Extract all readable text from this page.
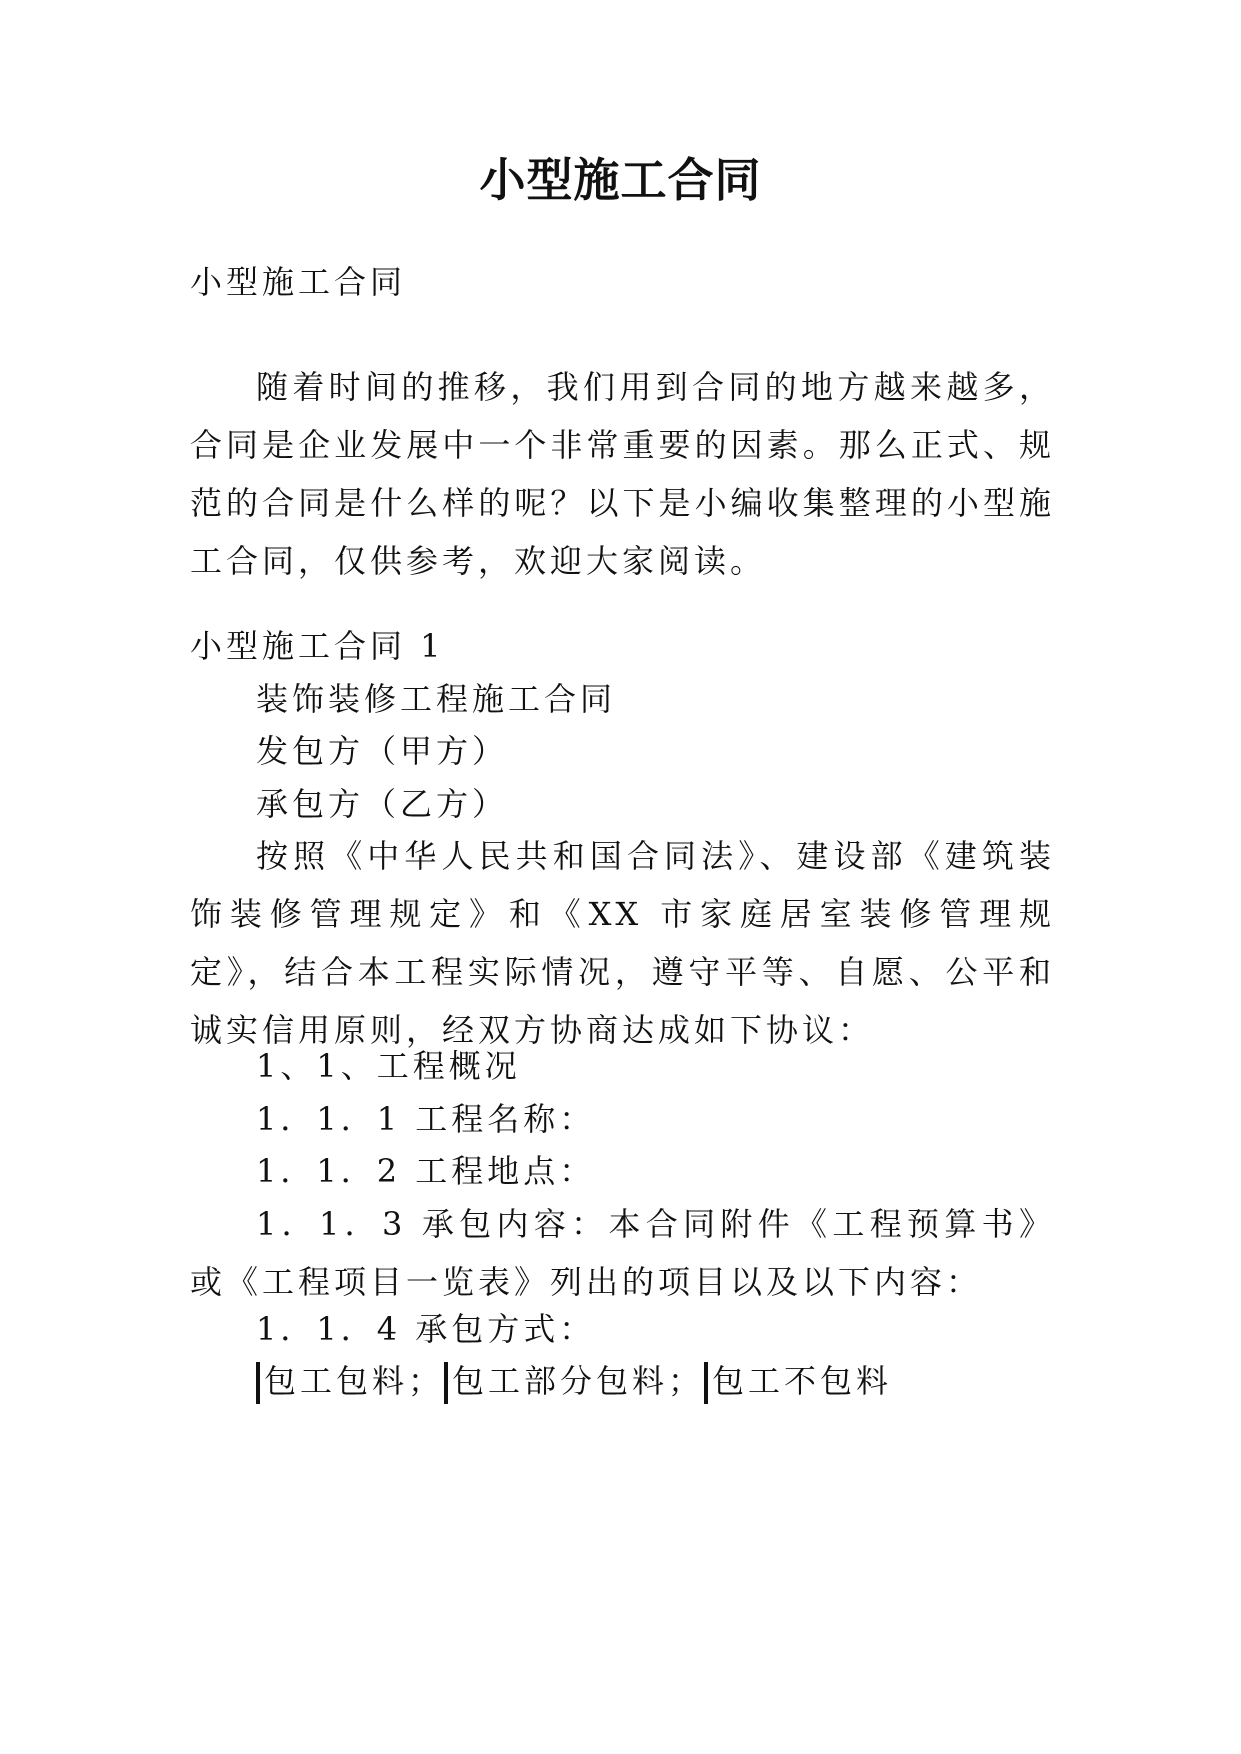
小型施工合同

小型施工合同

随着时间的推移，我们用到合同的地方越来越多，合同是企业发展中一个非常重要的因素。那么正式、规范的合同是什么样的呢？以下是小编收集整理的小型施工合同，仅供参考，欢迎大家阅读。

小型施工合同 1

装饰装修工程施工合同

发包方（甲方）

承包方（乙方）

按照《中华人民共和国合同法》、建设部《建筑装饰装修管理规定》和《XX 市家庭居室装修管理规定》，结合本工程实际情况，遵守平等、自愿、公平和诚实信用原则，经双方协商达成如下协议：

1、1、工程概况

1．1．1 工程名称：

1．1．2 工程地点：

1．1．3 承包内容：本合同附件《工程预算书》或《工程项目一览表》列出的项目以及以下内容：

1．1．4 承包方式：

包工包料； 包工部分包料； 包工不包料
